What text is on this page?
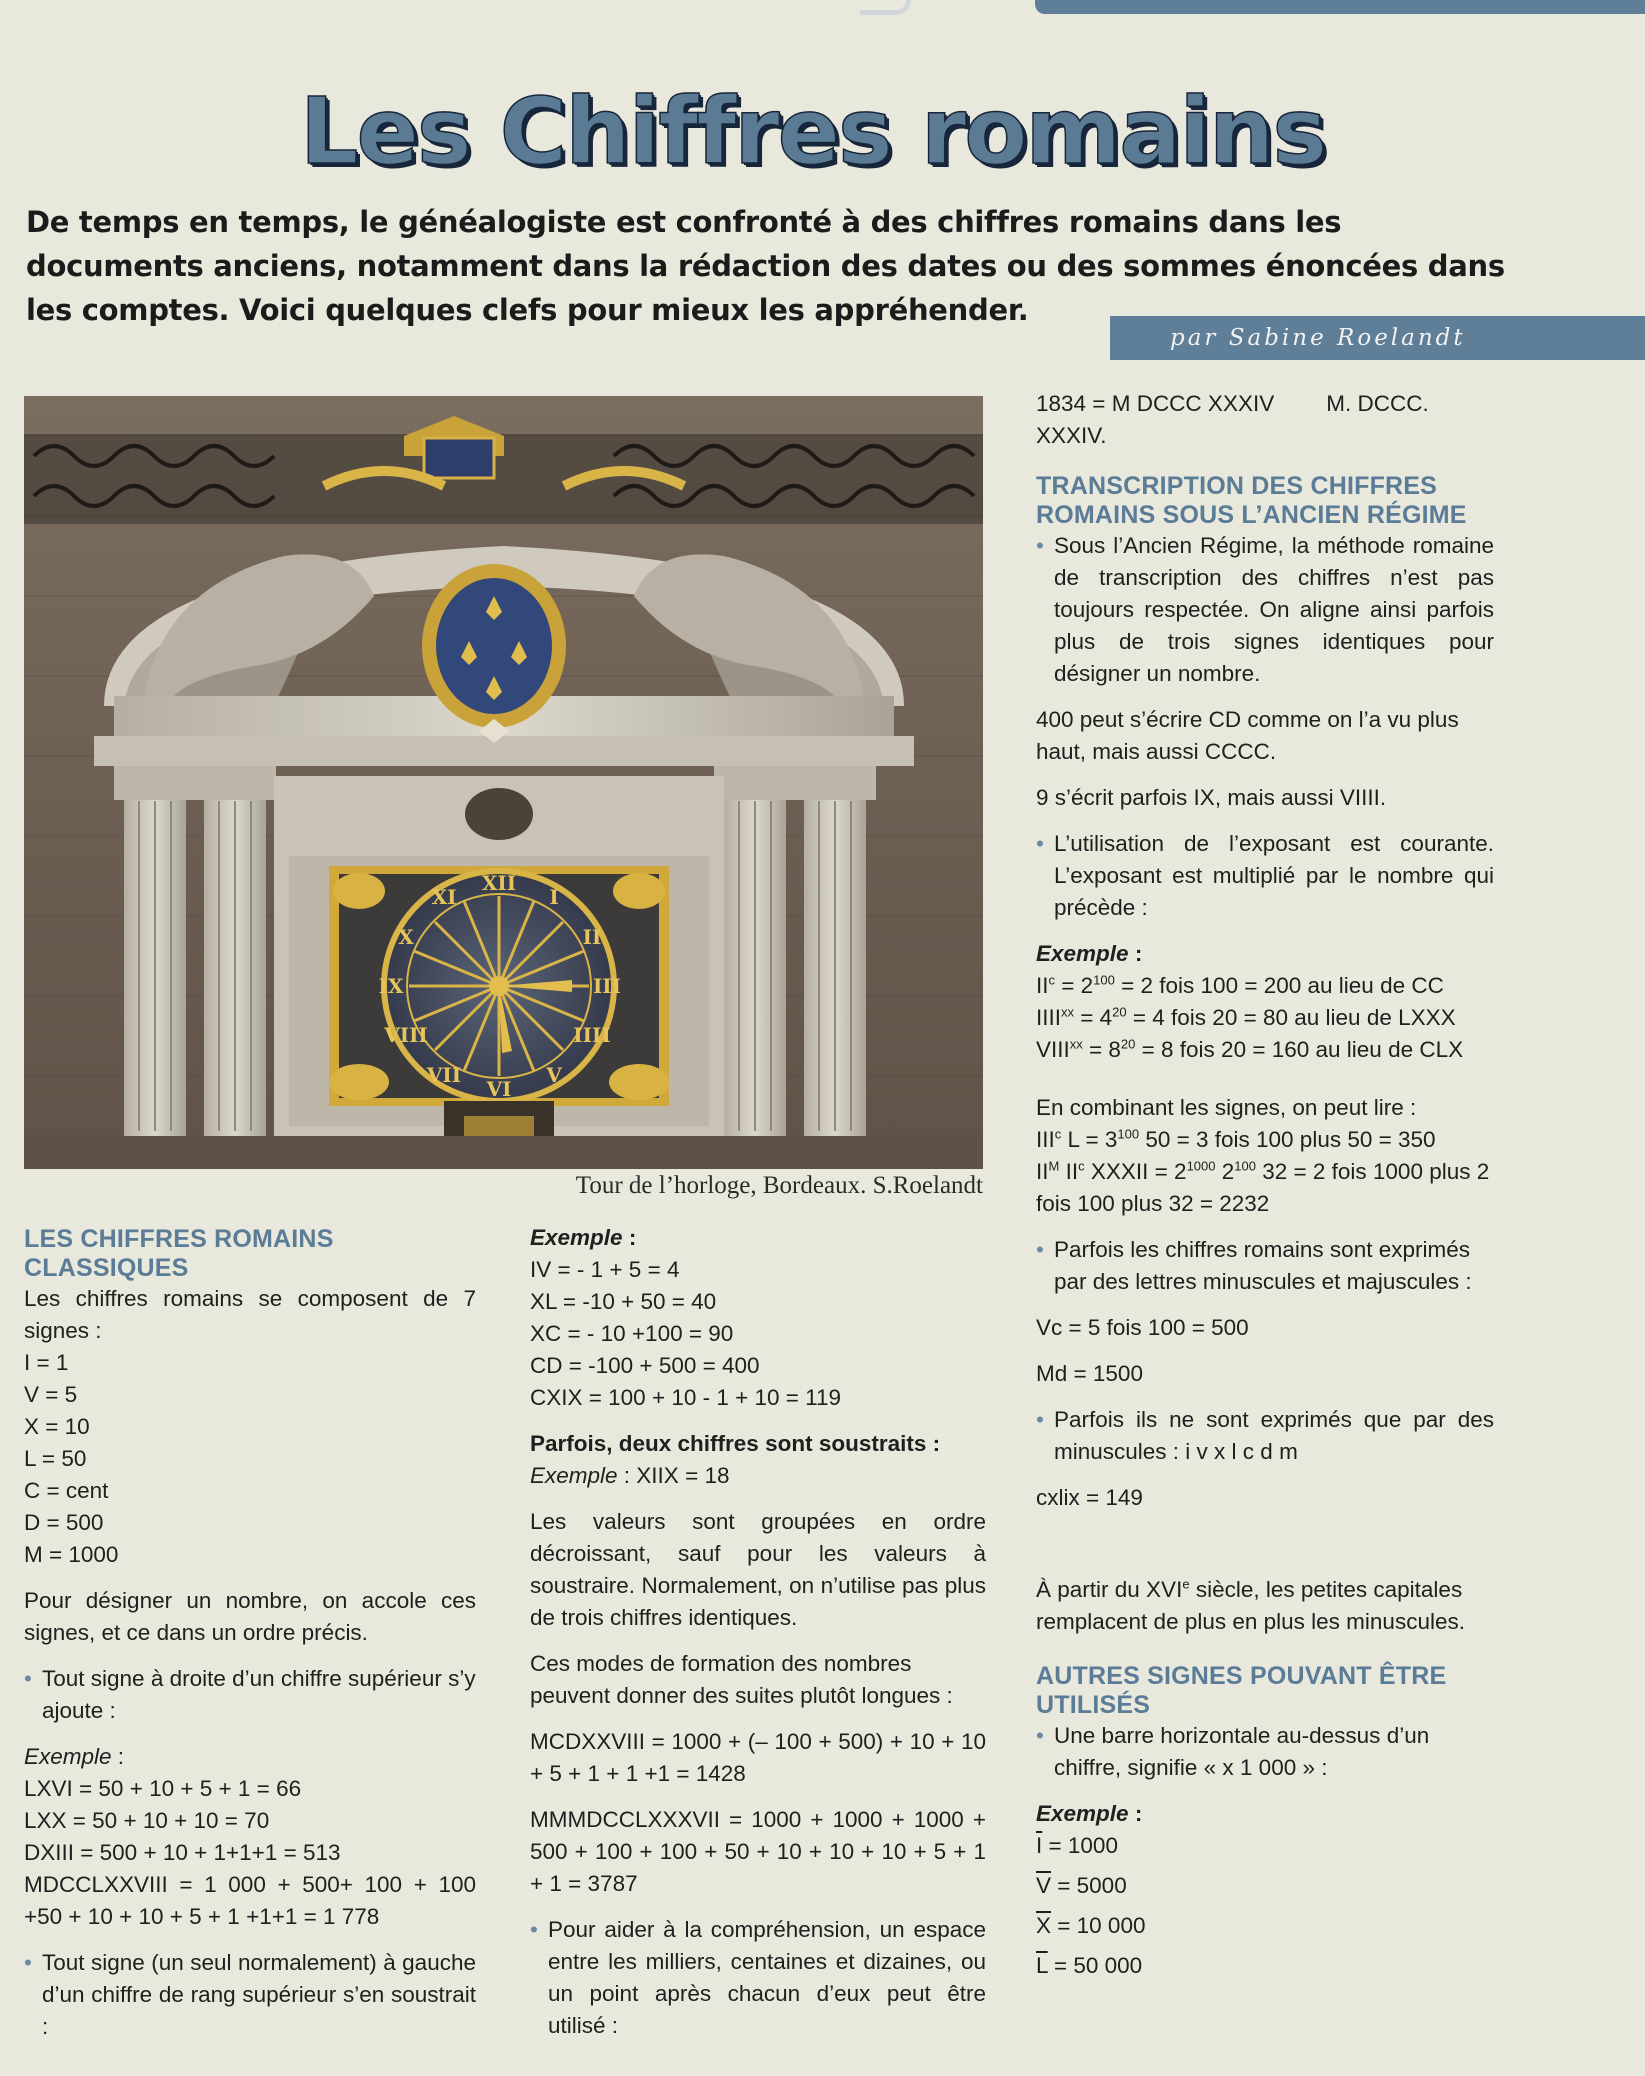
Les Chiffres romains

De temps en temps, le généalogiste est confronté à des chiffres romains dans les documents anciens, notamment dans la rédaction des dates ou des sommes énoncées dans les comptes. Voici quelques clefs pour mieux les appréhender.

par Sabine Roelandt
XII
I
II
III
IIII
V
VI
VII
VIII
IX
X
XI
Tour de l’horloge, Bordeaux. S.Roelandt

LES CHIFFRES ROMAINS CLASSIQUES

Les chiffres romains se composent de 7 signes :

I = 1

V = 5

X = 10

L = 50

C = cent

D = 500

M = 1000

Pour désigner un nombre, on accole ces signes, et ce dans un ordre précis.

• Tout signe à droite d’un chiffre supérieur s’y ajoute :

Exemple :

LXVI = 50 + 10 + 5 + 1 = 66

LXX = 50 + 10 + 10 = 70

DXIII = 500 + 10 + 1+1+1 = 513

MDCCLXXVIII = 1 000 + 500+ 100 + 100 +50 + 10 + 10 + 5 + 1 +1+1 = 1 778

• Tout signe (un seul normalement) à gauche d’un chiffre de rang supérieur s’en soustrait :

Exemple :

IV = - 1 + 5 = 4

XL = -10 + 50 = 40

XC = - 10 +100 = 90

CD = -100 + 500 = 400

CXIX = 100 + 10 - 1 + 10 = 119

Parfois, deux chiffres sont soustraits :

Exemple : XIIX = 18

Les valeurs sont groupées en ordre décroissant, sauf pour les valeurs à soustraire. Normalement, on n’utilise pas plus de trois chiffres identiques.

Ces modes de formation des nombres peuvent donner des suites plutôt longues :

MCDXXVIII = 1000 + (– 100 + 500) + 10 + 10 + 5 + 1 + 1 +1 = 1428

MMMDCCLXXXVII = 1000 + 1000 + 1000 + 500 + 100 + 100 + 50 + 10 + 10 + 10 + 5 + 1 + 1 = 3787

• Pour aider à la compréhension, un espace entre les milliers, centaines et dizaines, ou un point après chacun d’eux peut être utilisé :

1834 = M DCCC XXXIV M. DCCC. XXXIV.

TRANSCRIPTION DES CHIFFRES ROMAINS SOUS L’ANCIEN RÉGIME

• Sous l’Ancien Régime, la méthode romaine de transcription des chiffres n’est pas toujours respectée. On aligne ainsi parfois plus de trois signes identiques pour désigner un nombre.

400 peut s’écrire CD comme on l’a vu plus haut, mais aussi CCCC.

9 s’écrit parfois IX, mais aussi VIIII.

• L’utilisation de l’exposant est courante. L’exposant est multiplié par le nombre qui précède :

Exemple :

$II^c = 2^{100} = 2$ fois 100 = 200 au lieu de CC

$IIII^{xx} = 4^{20} = 4$ fois 20 = 80 au lieu de LXXX

$VIII^{xx} = 8^{20} = 8$ fois 20 = 160 au lieu de CLX

En combinant les signes, on peut lire :

III$^c$ $L = 3^{100}$ 50 = 3 fois 100 plus 50 = 350

$II^M$ $II^c$ XXXII = $2^{1000}$ $2^{100}$ 32 = 2 fois 1000 plus 2 fois 100 plus 32 = 2232

• Parfois les chiffres romains sont exprimés par des lettres minuscules et majuscules :

Vc = 5 fois 100 = 500

Md = 1500

• Parfois ils ne sont exprimés que par des minuscules : i v x l c d m

cxlix = 149

À partir du XVIe siècle, les petites capitales remplacent de plus en plus les minuscules.

AUTRES SIGNES POUVANT ÊTRE UTILISÉS

• Une barre horizontale au-dessus d’un chiffre, signifie « x 1 000 » :

Exemple :

$\overline{I} = 1000$

$\overline{V} = 5000$

$\overline{X} = 10$ 000

$\overline{L} = 50$ 000
